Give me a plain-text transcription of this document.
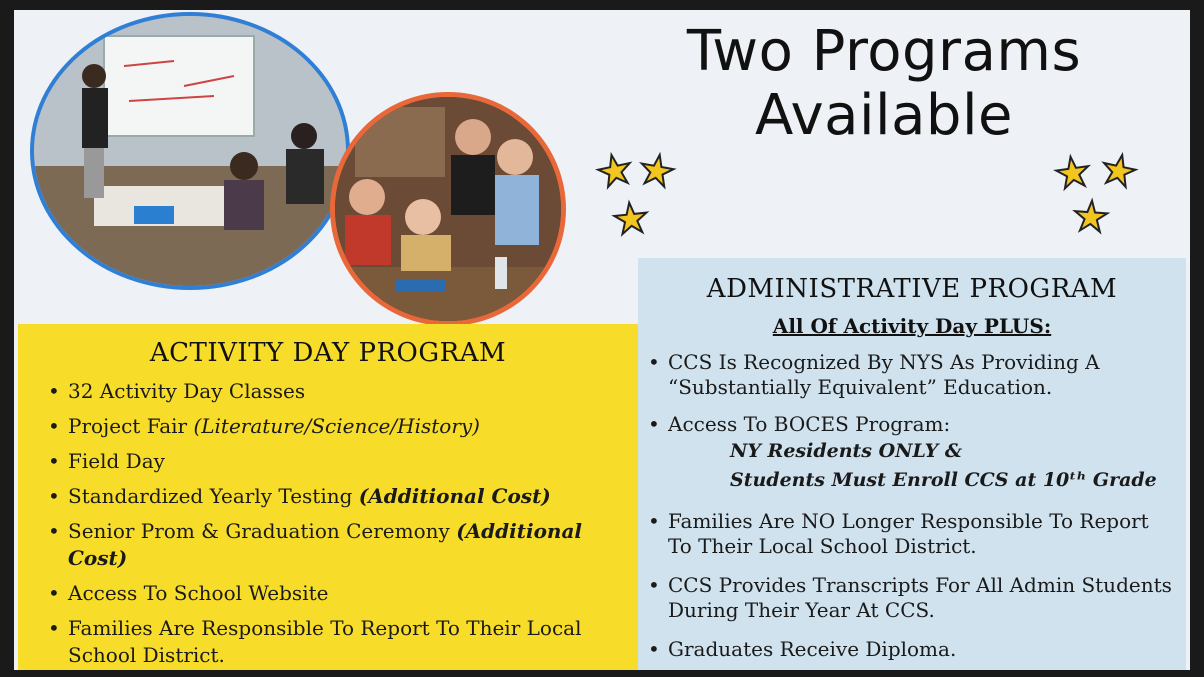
Two Programs
Available
★
★
★
★ ★
★
ACTIVITY DAY PROGRAM
• 32 Activity Day Classes
• Project Fair (Literature/Science/History)
• Field Day
• Standardized Yearly Testing (Additional Cost)
• Senior Prom & Graduation Ceremony (Additional Cost)
• Access To School Website
• Families Are Responsible To Report To Their Local School District.
ADMINISTRATIVE PROGRAM
All Of Activity Day PLUS:
• CCS Is Recognized By NYS As Providing A “Substantially Equivalent” Education.
• Access To BOCES Program:
NY Residents ONLY &
Students Must Enroll CCS at 10ᵗʰ Grade
• Families Are NO Longer Responsible To Report To Their Local School District.
• CCS Provides Transcripts For All Admin Students During Their Year At CCS.
• Graduates Receive Diploma.
